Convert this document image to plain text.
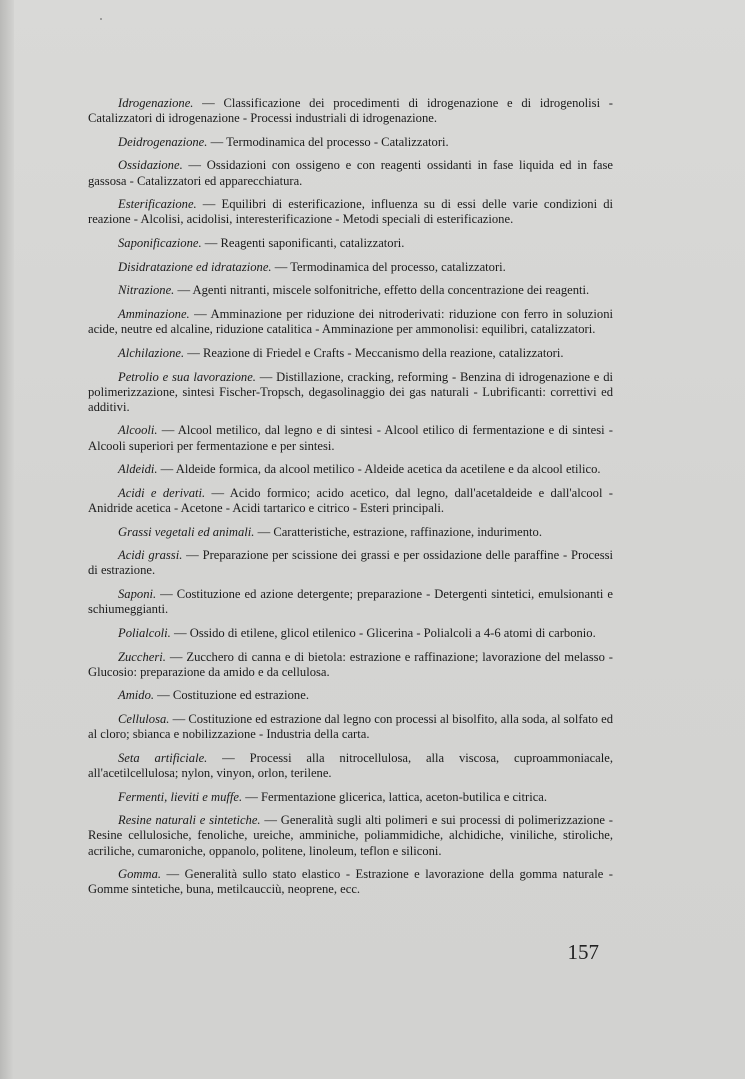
Idrogenazione. — Classificazione dei procedimenti di idrogenazione e di idrogenolisi - Catalizzatori di idrogenazione - Processi industriali di idrogenazione.

Deidrogenazione. — Termodinamica del processo - Catalizzatori.

Ossidazione. — Ossidazioni con ossigeno e con reagenti ossidanti in fase liquida ed in fase gassosa - Catalizzatori ed apparecchiatura.

Esterificazione. — Equilibri di esterificazione, influenza su di essi delle varie condizioni di reazione - Alcolisi, acidolisi, interesterificazione - Metodi speciali di esterificazione.

Saponificazione. — Reagenti saponificanti, catalizzatori.

Disidratazione ed idratazione. — Termodinamica del processo, catalizzatori.

Nitrazione. — Agenti nitranti, miscele solfonitriche, effetto della concentrazione dei reagenti.

Amminazione. — Amminazione per riduzione dei nitroderivati: riduzione con ferro in soluzioni acide, neutre ed alcaline, riduzione catalitica - Amminazione per ammonolisi: equilibri, catalizzatori.

Alchilazione. — Reazione di Friedel e Crafts - Meccanismo della reazione, catalizzatori.

Petrolio e sua lavorazione. — Distillazione, cracking, reforming - Benzina di idrogenazione e di polimerizzazione, sintesi Fischer-Tropsch, degasolinaggio dei gas naturali - Lubrificanti: correttivi ed additivi.

Alcooli. — Alcool metilico, dal legno e di sintesi - Alcool etilico di fermentazione e di sintesi - Alcooli superiori per fermentazione e per sintesi.

Aldeidi. — Aldeide formica, da alcool metilico - Aldeide acetica da acetilene e da alcool etilico.

Acidi e derivati. — Acido formico; acido acetico, dal legno, dall'acetaldeide e dall'alcool - Anidride acetica - Acetone - Acidi tartarico e citrico - Esteri principali.

Grassi vegetali ed animali. — Caratteristiche, estrazione, raffinazione, indurimento.

Acidi grassi. — Preparazione per scissione dei grassi e per ossidazione delle paraffine - Processi di estrazione.

Saponi. — Costituzione ed azione detergente; preparazione - Detergenti sintetici, emulsionanti e schiumeggianti.

Polialcoli. — Ossido di etilene, glicol etilenico - Glicerina - Polialcoli a 4-6 atomi di carbonio.

Zuccheri. — Zucchero di canna e di bietola: estrazione e raffinazione; lavorazione del melasso - Glucosio: preparazione da amido e da cellulosa.

Amido. — Costituzione ed estrazione.

Cellulosa. — Costituzione ed estrazione dal legno con processi al bisolfito, alla soda, al solfato ed al cloro; sbianca e nobilizzazione - Industria della carta.

Seta artificiale. — Processi alla nitrocellulosa, alla viscosa, cuproammoniacale, all'acetilcellulosa; nylon, vinyon, orlon, terilene.

Fermenti, lieviti e muffe. — Fermentazione glicerica, lattica, aceton-butilica e citrica.

Resine naturali e sintetiche. — Generalità sugli alti polimeri e sui processi di polimerizzazione - Resine cellulosiche, fenoliche, ureiche, amminiche, poliammidiche, alchidiche, viniliche, stiroliche, acriliche, cumaroniche, oppanolo, politene, linoleum, teflon e siliconi.

Gomma. — Generalità sullo stato elastico - Estrazione e lavorazione della gomma naturale - Gomme sintetiche, buna, metilcaucciù, neoprene, ecc.

157
